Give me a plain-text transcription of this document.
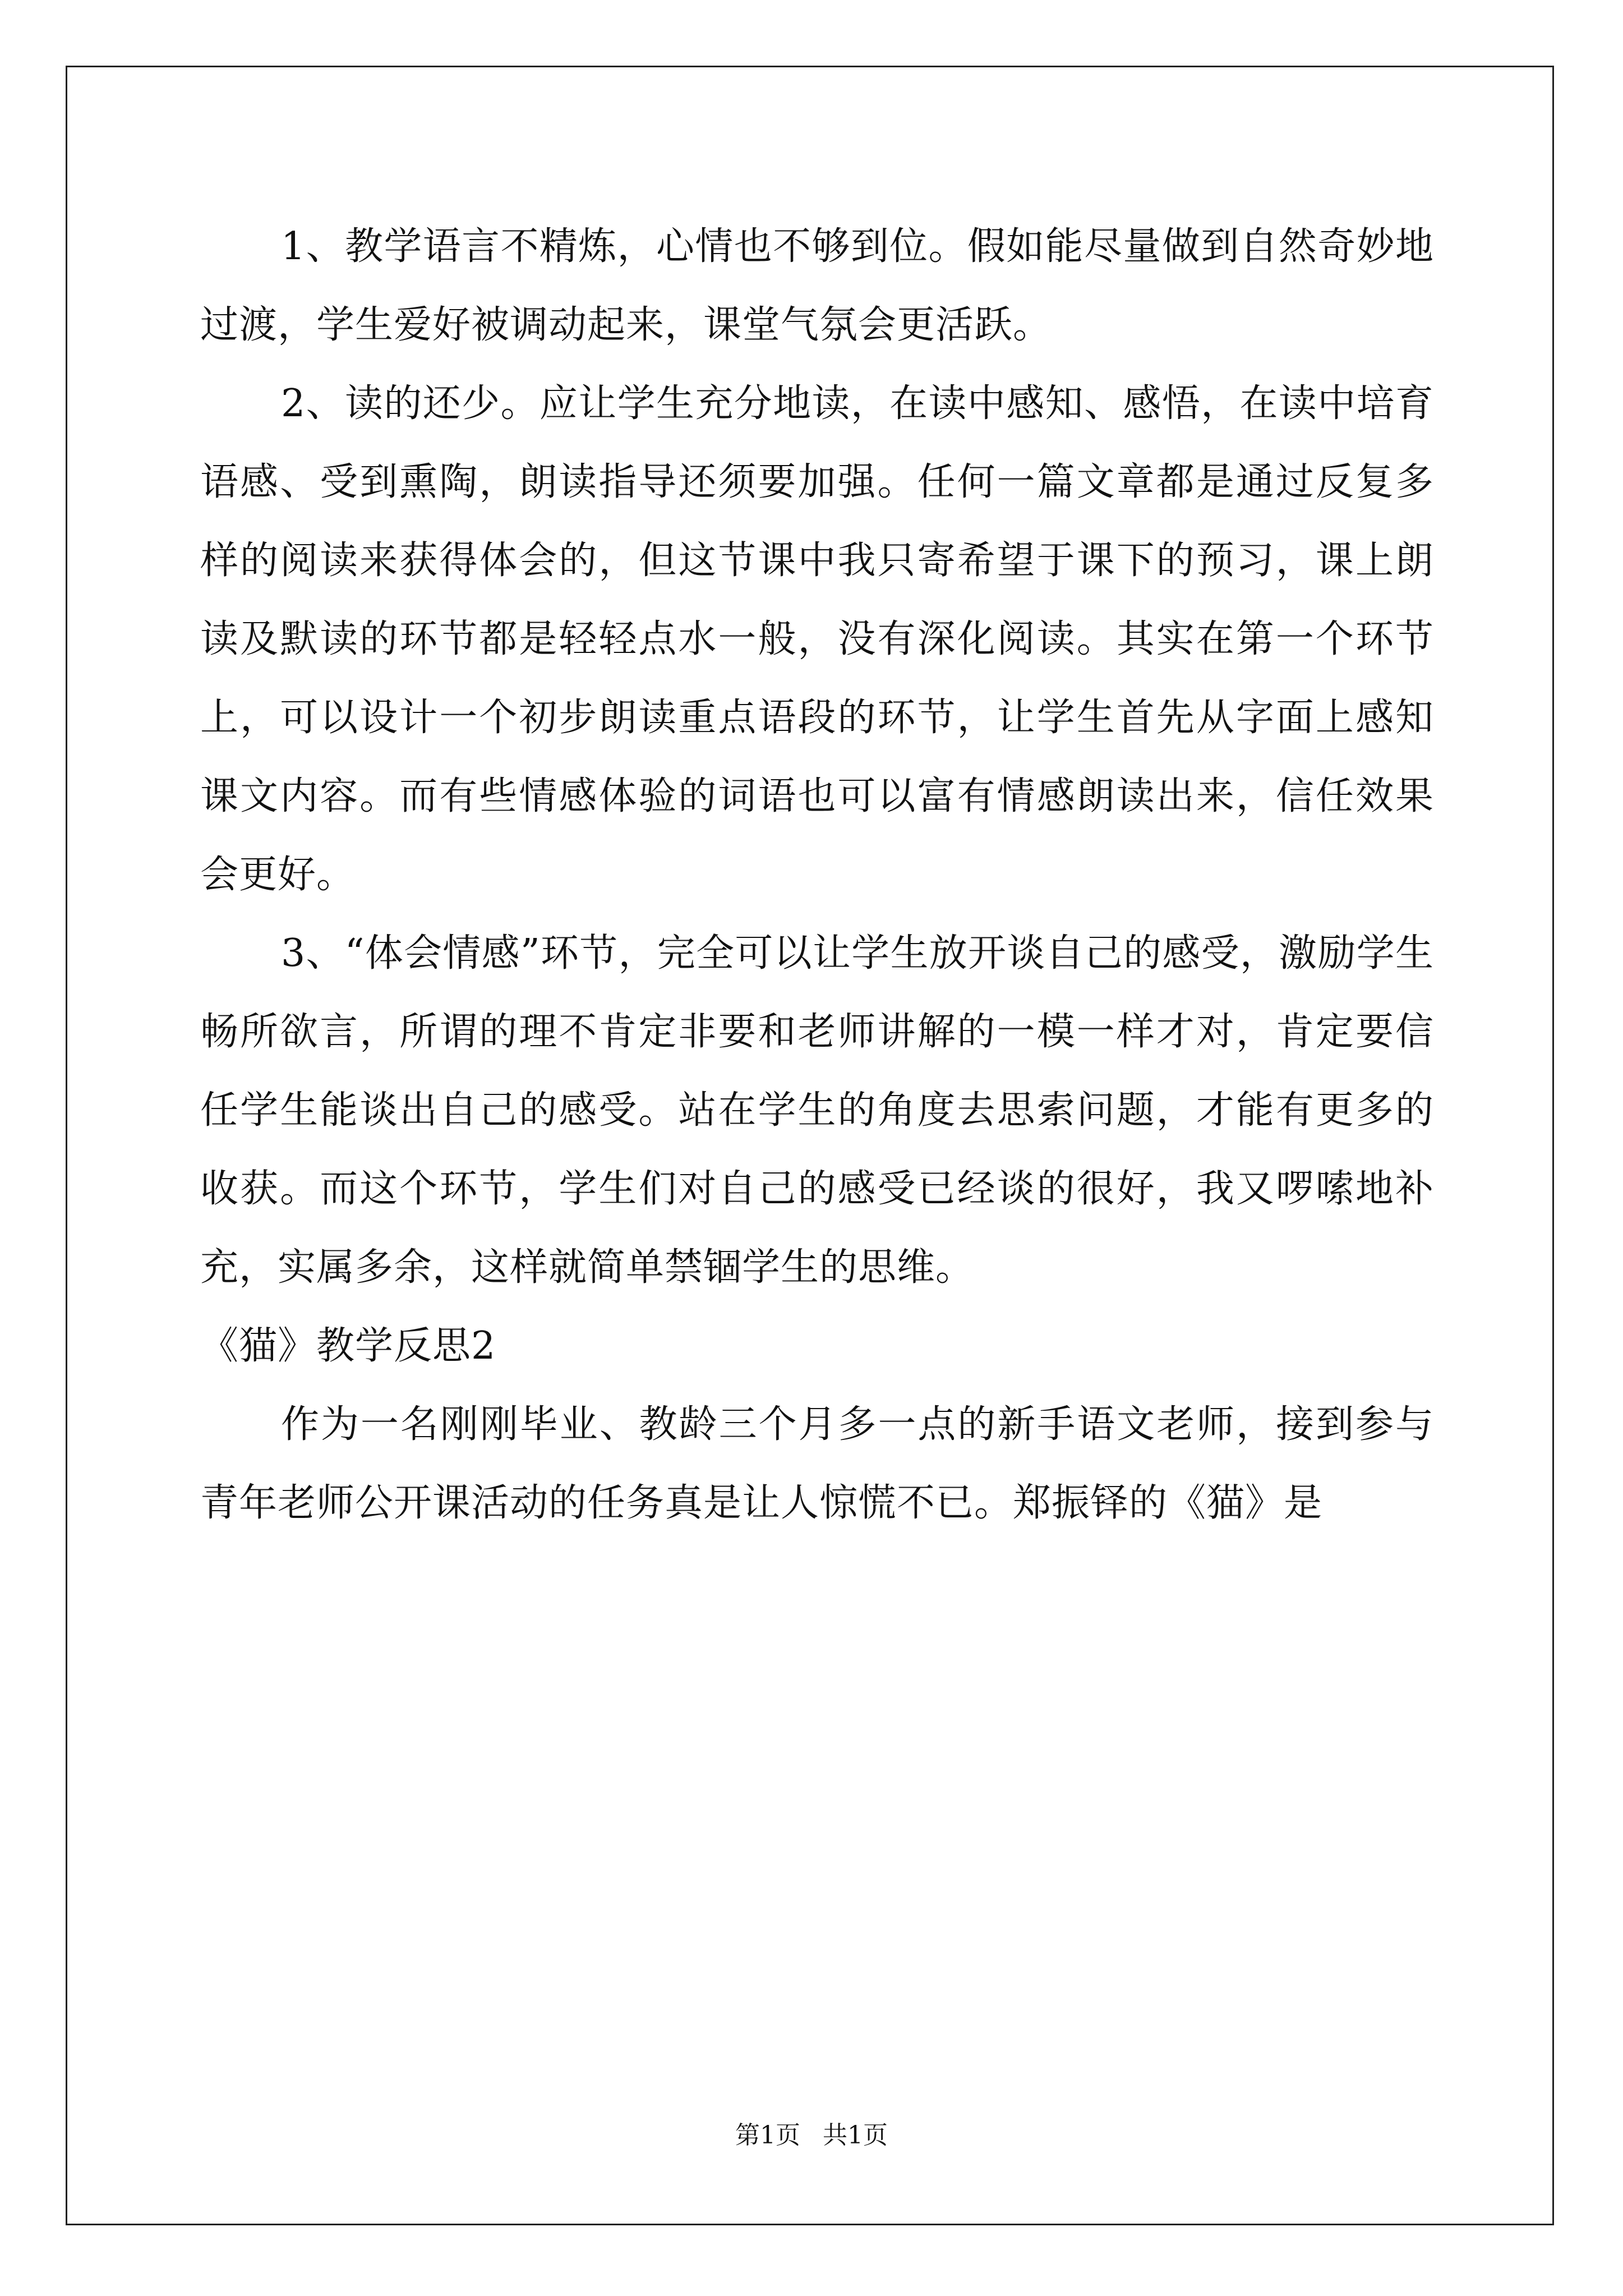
1、教学语言不精炼，心情也不够到位。假如能尽量做到自然奇妙地过渡，学生爱好被调动起来，课堂气氛会更活跃。

2、读的还少。应让学生充分地读，在读中感知、感悟，在读中培育语感、受到熏陶，朗读指导还须要加强。任何一篇文章都是通过反复多样的阅读来获得体会的，但这节课中我只寄希望于课下的预习，课上朗读及默读的环节都是轻轻点水一般，没有深化阅读。其实在第一个环节上，可以设计一个初步朗读重点语段的环节，让学生首先从字面上感知课文内容。而有些情感体验的词语也可以富有情感朗读出来，信任效果会更好。

3、“体会情感”环节，完全可以让学生放开谈自己的感受，激励学生畅所欲言，所谓的理不肯定非要和老师讲解的一模一样才对，肯定要信任学生能谈出自己的感受。站在学生的角度去思索问题，才能有更多的收获。而这个环节，学生们对自己的感受已经谈的很好，我又啰嗦地补充，实属多余，这样就简单禁锢学生的思维。

《猫》教学反思2

作为一名刚刚毕业、教龄三个月多一点的新手语文老师，接到参与青年老师公开课活动的任务真是让人惊慌不已。郑振铎的《猫》是

第1页 共1页
